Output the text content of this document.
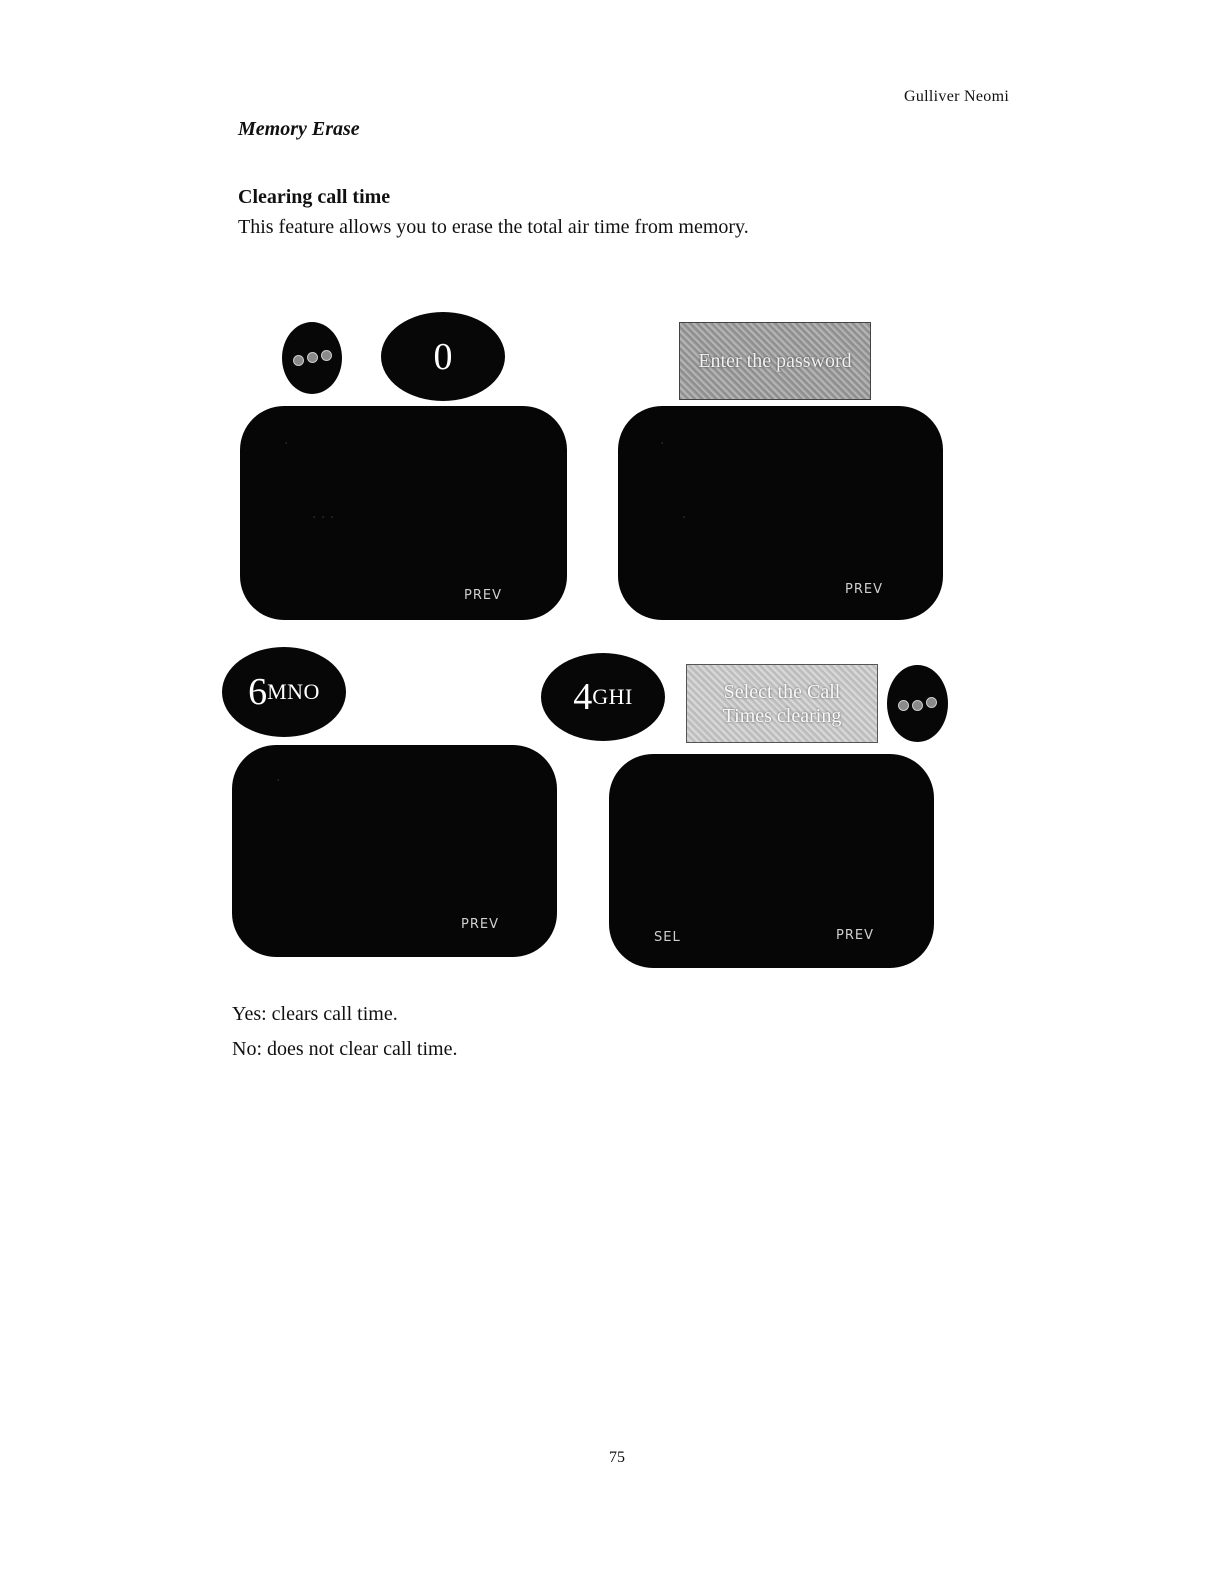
Gulliver Neomi
Memory Erase
Clearing call time
This feature allows you to erase the total air time from memory.
0
·
· · ·
PREV
Enter the password
·
·
PREV
6 MNO
·
PREV
4 GHI	Select the Call
Times clearing
SEL	PREV
Yes: clears call time.
No: does not clear call time.
75
